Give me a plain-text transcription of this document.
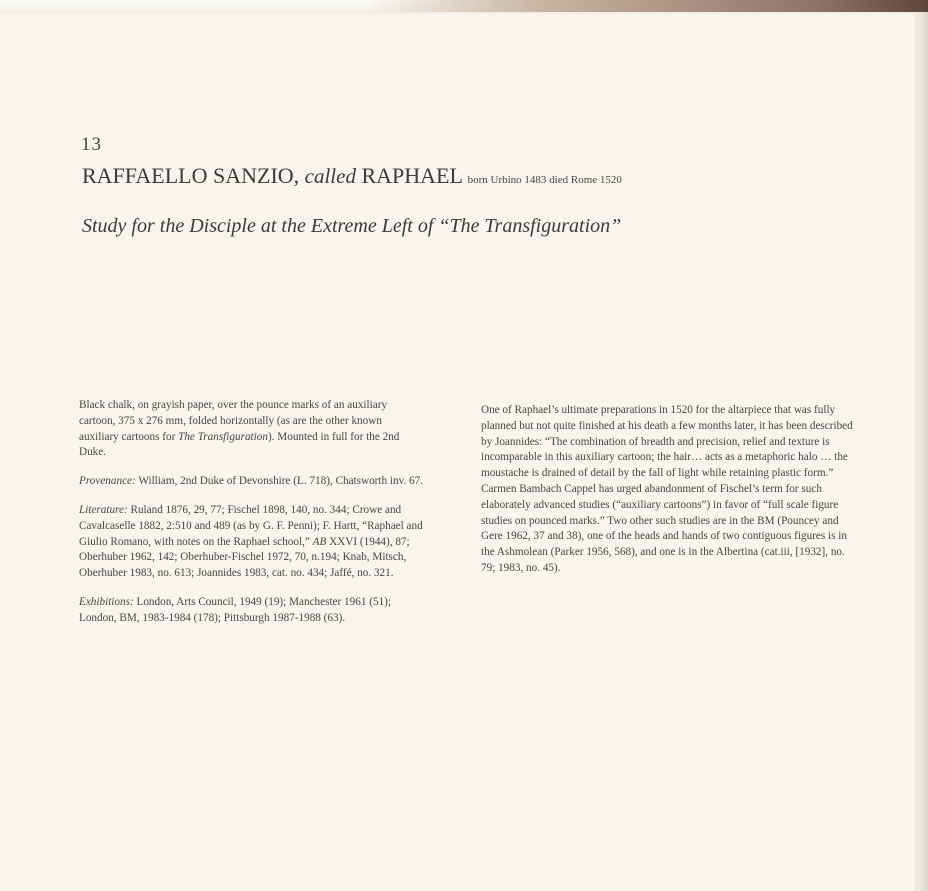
13
RAFFAELLO SANZIO, called RAPHAEL born Urbino 1483 died Rome 1520
Study for the Disciple at the Extreme Left of “The Transfiguration”

Black chalk, on grayish paper, over the pounce marks of an auxiliary cartoon, 375 x 276 mm, folded horizontally (as are the other known auxiliary cartoons for The Transfiguration). Mounted in full for the 2nd Duke.

Provenance: William, 2nd Duke of Devonshire (L. 718), Chatsworth inv. 67.

Literature: Ruland 1876, 29, 77; Fischel 1898, 140, no. 344; Crowe and Cavalcaselle 1882, 2:510 and 489 (as by G. F. Penni); F. Hartt, “Raphael and Giulio Romano, with notes on the Raphael school,” AB XXVI (1944), 87; Oberhuber 1962, 142; Oberhuber-Fischel 1972, 70, n.194; Knab, Mitsch, Oberhuber 1983, no. 613; Joannides 1983, cat. no. 434; Jaffé, no. 321.

Exhibitions: London, Arts Council, 1949 (19); Manchester 1961 (51); London, BM, 1983-1984 (178); Pittsburgh 1987-1988 (63).

One of Raphael’s ultimate preparations in 1520 for the altarpiece that was fully planned but not quite finished at his death a few months later, it has been described by Joannides: “The combination of breadth and precision, relief and texture is incomparable in this auxiliary cartoon; the hair… acts as a metaphoric halo … the moustache is drained of detail by the fall of light while retaining plastic form.” Carmen Bambach Cappel has urged abandonment of Fischel’s term for such elaborately advanced studies (“auxiliary cartoons”) in favor of “full scale figure studies on pounced marks.” Two other such studies are in the BM (Pouncey and Gere 1962, 37 and 38), one of the heads and hands of two contiguous figures is in the Ashmolean (Parker 1956, 568), and one is in the Albertina (cat.iii, [1932], no. 79; 1983, no. 45).
